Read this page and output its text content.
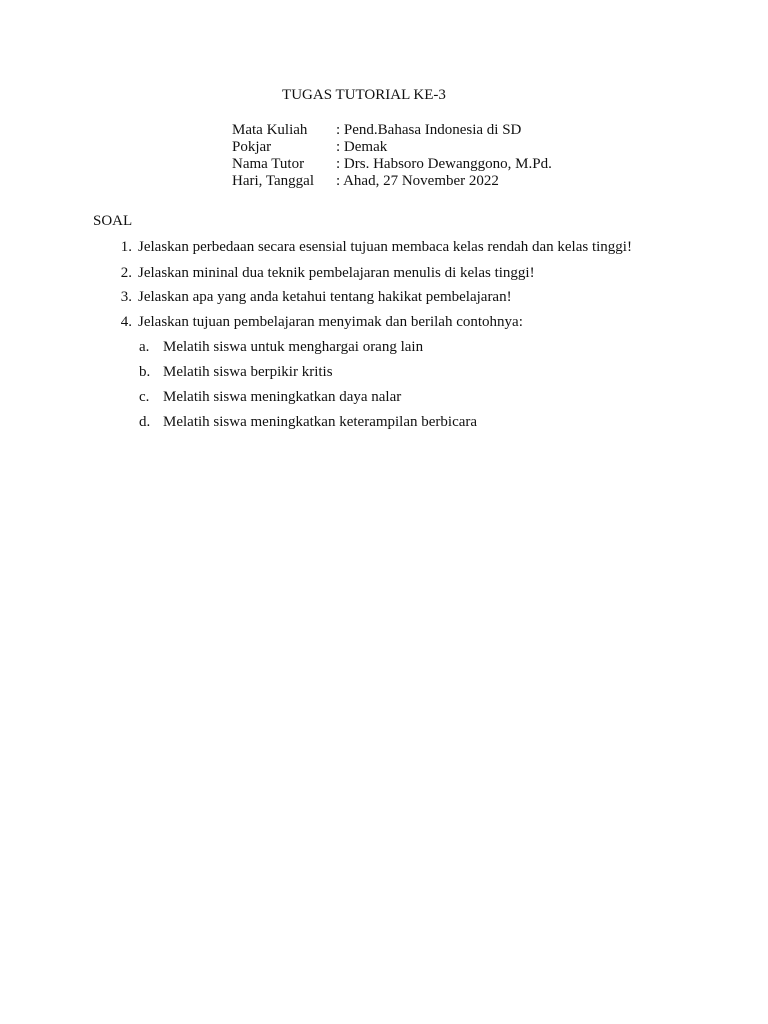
TUGAS TUTORIAL KE-3
Mata Kuliah	: Pend.Bahasa Indonesia di SD
Pokjar	: Demak
Nama Tutor	: Drs. Habsoro Dewanggono, M.Pd.
Hari, Tanggal	: Ahad, 27 November 2022
SOAL
1. Jelaskan perbedaan secara esensial tujuan membaca kelas rendah dan kelas tinggi!
2. Jelaskan mininal dua teknik pembelajaran menulis di kelas tinggi!
3. Jelaskan apa yang anda ketahui tentang hakikat pembelajaran!
4. Jelaskan tujuan pembelajaran menyimak dan berilah contohnya:
a. Melatih siswa untuk menghargai orang lain
b. Melatih siswa berpikir kritis
c. Melatih siswa meningkatkan daya nalar
d. Melatih siswa meningkatkan keterampilan berbicara
